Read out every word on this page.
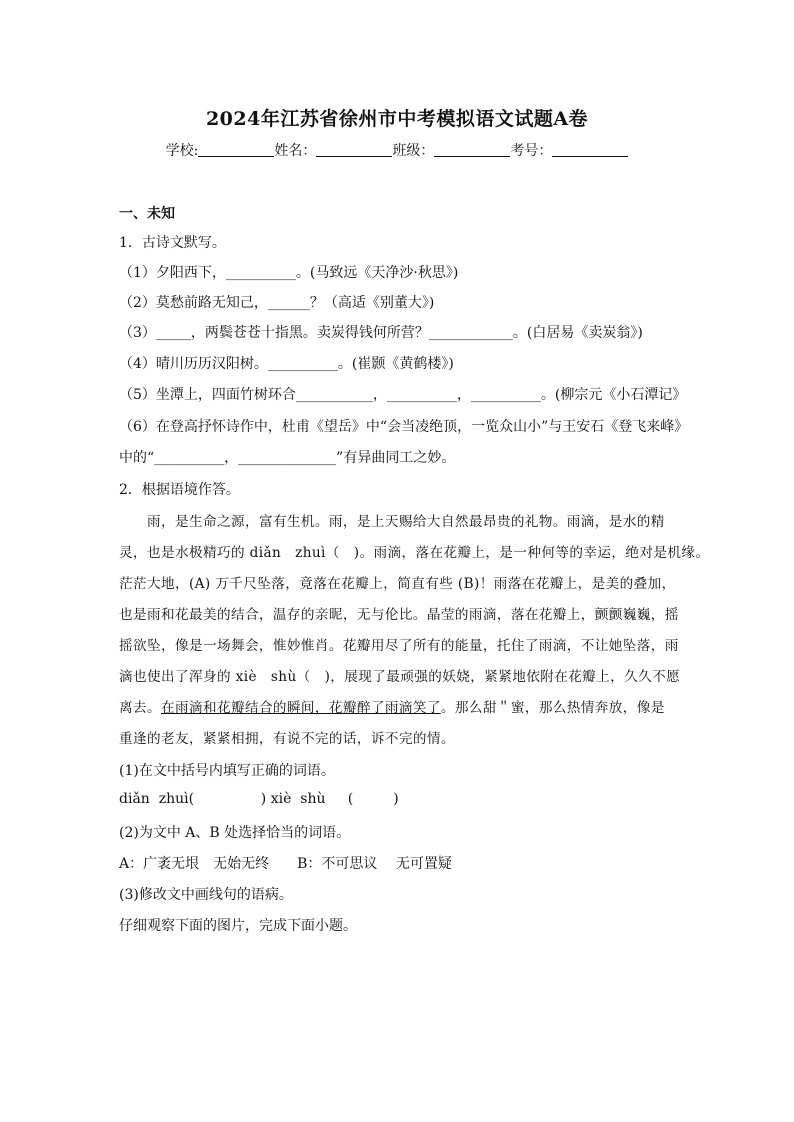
2024年江苏省徐州市中考模拟语文试题A卷
学校:	姓名：	班级：	考号：
一、未知
1．古诗文默写。
（1）夕阳西下，__________。(马致远《天净沙·秋思》)
（2）莫愁前路无知己，______？（高适《别董大》)
（3）_____，两鬓苍苍十指黑。卖炭得钱何所营？____________。(白居易《卖炭翁》)
（4）晴川历历汉阳树。__________。(崔颢《黄鹤楼》)
（5）坐潭上，四面竹树环合___________，__________，__________。(柳宗元《小石潭记》
（6）在登高抒怀诗作中，杜甫《望岳》中“会当凌绝顶，一览众山小”与王安石《登飞来峰》
中的“__________，______________”有异曲同工之妙。
2．根据语境作答。
雨，是生命之源，富有生机。雨，是上天赐给大自然最昂贵的礼物。雨滴，是水的精
灵，也是水极精巧的 diǎn　zhuì（　)。雨滴，落在花瓣上，是一种何等的幸运，绝对是机缘。
茫茫大地，(A) 万千尺坠落，竟落在花瓣上，简直有些 (B)！雨落在花瓣上，是美的叠加，
也是雨和花最美的结合，温存的亲昵，无与伦比。晶莹的雨滴，落在花瓣上，颤颤巍巍，摇
摇欲坠，像是一场舞会，惟妙惟肖。花瓣用尽了所有的能量，托住了雨滴，不让她坠落，雨
滴也使出了浑身的 xiè　shù（　)，展现了最顽强的妖娆，紧紧地依附在花瓣上，久久不愿
离去。在雨滴和花瓣结合的瞬间，花瓣醉了雨滴笑了。那么甜＂蜜，那么热情奔放，像是
重逢的老友，紧紧相拥，有说不完的话，诉不完的情。
(1)在文中括号内填写正确的词语。
diǎn  zhuì(               ) xiè  shù     (         )
(2)为文中 A、B 处选择恰当的词语。
A：广袤无垠　无始无终　　B：不可思议　 无可置疑
(3)修改文中画线句的语病。
仔细观察下面的图片，完成下面小题。
